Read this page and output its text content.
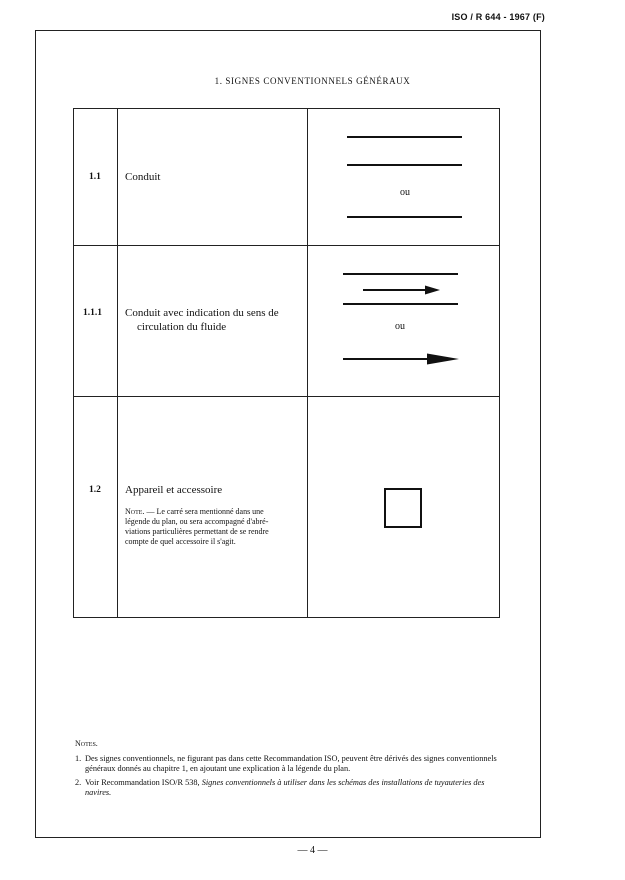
ISO / R 644 - 1967 (F)
1. SIGNES CONVENTIONNELS GÉNÉRAUX
1.1 Conduit
ou
1.1.1 Conduit avec indication du sens de
circulation du fluide	ou
1.2 Appareil et accessoire
Note. — Le carré sera mentionné dans une
légende du plan, ou sera accompagné d'abré-
viations particulières permettant de se rendre
compte de quel accessoire il s'agit.
Notes.
1. Des signes conventionnels, ne figurant pas dans cette Recommandation ISO, peuvent être dérivés des signes conventionnels généraux donnés au chapitre 1, en ajoutant une explication à la légende du plan.
2. Voir Recommandation ISO/R 538, Signes conventionnels à utiliser dans les schémas des installations de tuyauteries des navires.
— 4 —
